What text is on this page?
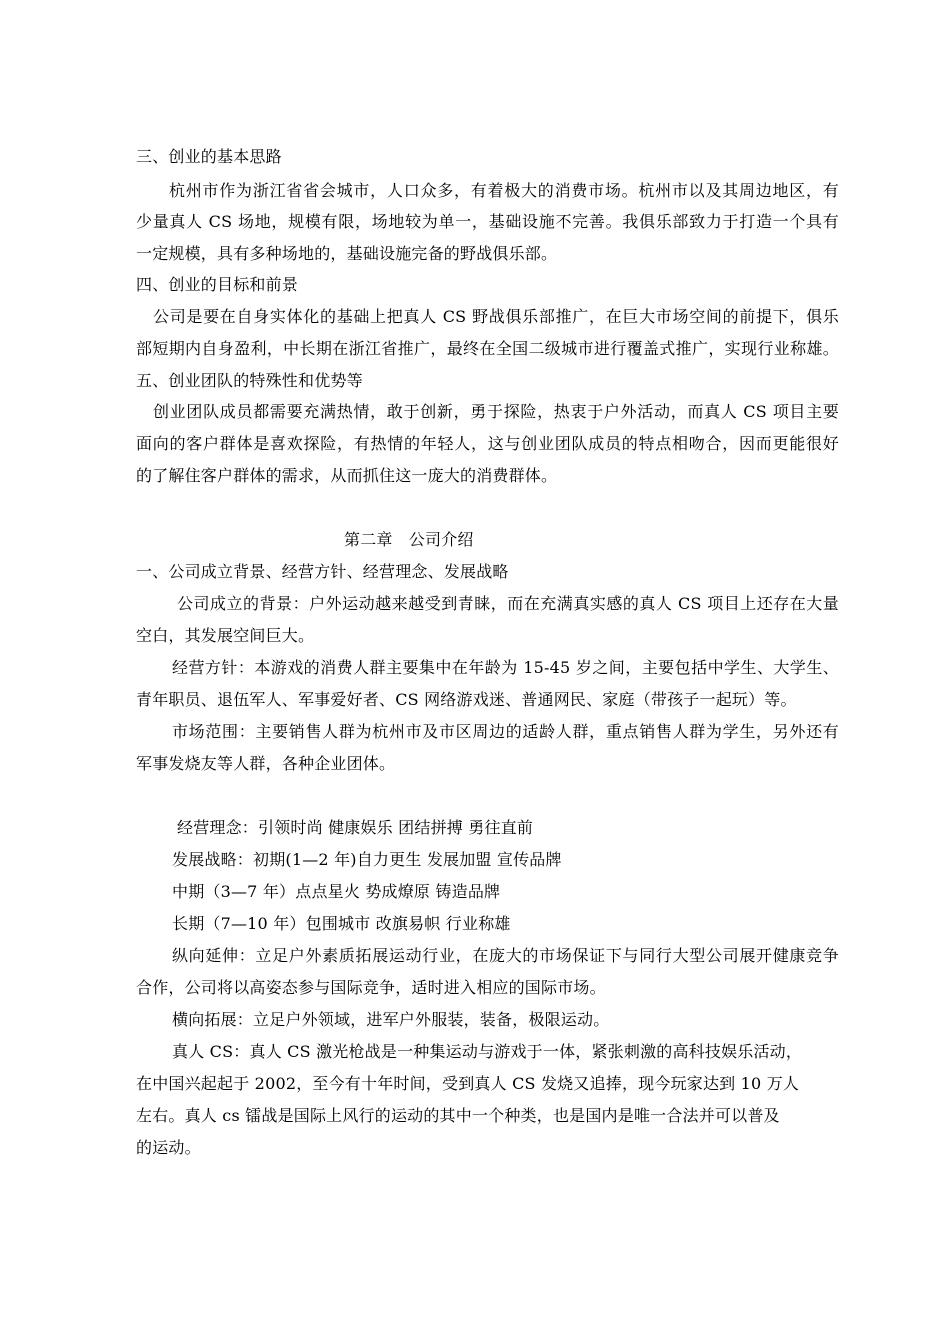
三、创业的基本思路
杭州市作为浙江省省会城市，人口众多，有着极大的消费市场。杭州市以及其周边地区，有
少量真人 CS 场地，规模有限，场地较为单一，基础设施不完善。我俱乐部致力于打造一个具有
一定规模，具有多种场地的，基础设施完备的野战俱乐部。
四、创业的目标和前景
公司是要在自身实体化的基础上把真人 CS 野战俱乐部推广，在巨大市场空间的前提下，俱乐
部短期内自身盈利，中长期在浙江省推广，最终在全国二级城市进行覆盖式推广，实现行业称雄。
五、创业团队的特殊性和优势等
创业团队成员都需要充满热情，敢于创新，勇于探险，热衷于户外活动，而真人 CS 项目主要
面向的客户群体是喜欢探险，有热情的年轻人，这与创业团队成员的特点相吻合，因而更能很好
的了解住客户群体的需求，从而抓住这一庞大的消费群体。
第二章　公司介绍
一、公司成立背景、经营方针、经营理念、发展战略
公司成立的背景：户外运动越来越受到青睐，而在充满真实感的真人 CS 项目上还存在大量
空白，其发展空间巨大。
经营方针：本游戏的消费人群主要集中在年龄为 15-45 岁之间，主要包括中学生、大学生、
青年职员、退伍军人、军事爱好者、CS 网络游戏迷、普通网民、家庭（带孩子一起玩）等。
市场范围：主要销售人群为杭州市及市区周边的适龄人群，重点销售人群为学生，另外还有
军事发烧友等人群，各种企业团体。
经营理念：引领时尚 健康娱乐 团结拼搏 勇往直前
发展战略：初期(1—2 年)自力更生 发展加盟 宣传品牌
中期（3—7 年）点点星火 势成燎原 铸造品牌
长期（7—10 年）包围城市 改旗易帜 行业称雄
纵向延伸：立足户外素质拓展运动行业，在庞大的市场保证下与同行大型公司展开健康竞争
合作，公司将以高姿态参与国际竞争，适时进入相应的国际市场。
横向拓展：立足户外领域，进军户外服装，装备，极限运动。
真人 CS：真人 CS 激光枪战是一种集运动与游戏于一体，紧张刺激的高科技娱乐活动，
在中国兴起起于 2002，至今有十年时间，受到真人 CS 发烧又追捧，现今玩家达到 10 万人
左右。真人 cs 镭战是国际上风行的运动的其中一个种类，也是国内是唯一合法并可以普及
的运动。
